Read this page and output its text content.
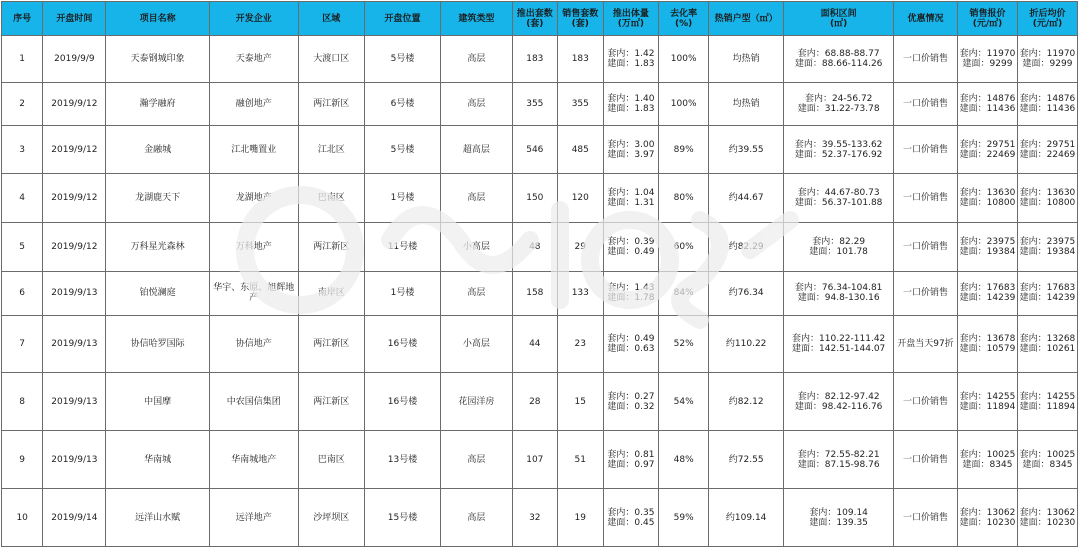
序号	开盘时间	项目名称	开发企业	区域	开盘位置	建筑类型	推出套数
(套)	销售套数
(套)	推出体量
(万㎡)	去化率
(%)	热销户型（㎡）	面积区间
(㎡)	优惠情况	销售报价
(元/㎡)	折后均价
(元/㎡)

1	2019/9/9	天泰钢城印象	天泰地产	大渡口区	5号楼	高层	183	183	套内：1.42
建面：1.83	100%	均热销	套内：68.88-88.77
建面：88.66-114.26	一口价销售	套内：11970
建面：9299	套内：11970
建面：9299

2	2019/9/12	瀚学融府	融创地产	两江新区	6号楼	高层	355	355	套内：1.40
建面：1.83	100%	均热销	套内：24-56.72
建面：31.22-73.78	一口价销售	套内：14876
建面：11436	套内：14876
建面：11436

3	2019/9/12	金融城	江北嘴置业	江北区	5号楼	超高层	546	485	套内：3.00
建面：3.97	89%	约39.55	套内：39.55-133.62
建面：52.37-176.92	一口价销售	套内：29751
建面：22469	套内：29751
建面：22469

4	2019/9/12	龙湖鹿天下	龙湖地产	巴南区	1号楼	高层	150	120	套内：1.04
建面：1.31	80%	约44.67	套内：44.67-80.73
建面：56.37-101.88	一口价销售	套内：13630
建面：10800	套内：13630
建面：10800

5	2019/9/12	万科星光森林	万科地产	两江新区	11号楼	小高层	48	29	套内：0.39
建面：0.49	60%	约82.29	套内：82.29
建面：101.78	一口价销售	套内：23975
建面：19384	套内：23975
建面：19384

6	2019/9/13	铂悦澜庭	华宇、东原、旭辉地产	南岸区	1号楼	高层	158	133	套内：1.43
建面：1.78	84%	约76.34	套内：76.34-104.81
建面：94.8-130.16	一口价销售	套内：17683
建面：14239	套内：17683
建面：14239

7	2019/9/13	协信哈罗国际	协信地产	两江新区	16号楼	小高层	44	23	套内：0.49
建面：0.63	52%	约110.22	套内：110.22-111.42
建面：142.51-144.07	开盘当天97折	套内：13678
建面：10579	套内：13268
建面：10261

8	2019/9/13	中国摩	中农国信集团	两江新区	16号楼	花园洋房	28	15	套内：0.27
建面：0.32	54%	约82.12	套内：82.12-97.42
建面：98.42-116.76	一口价销售	套内：14255
建面：11894	套内：14255
建面：11894

9	2019/9/13	华南城	华南城地产	巴南区	13号楼	高层	107	51	套内：0.81
建面：0.97	48%	约72.55	套内：72.55-82.21
建面：87.15-98.76	一口价销售	套内：10025
建面：8345	套内：10025
建面：8345

10	2019/9/14	远洋山水赋	远洋地产	沙坪坝区	15号楼	高层	32	19	套内：0.35
建面：0.45	59%	约109.14	套内：109.14
建面：139.35	一口价销售	套内：13062
建面：10230	套内：13062
建面：10230
